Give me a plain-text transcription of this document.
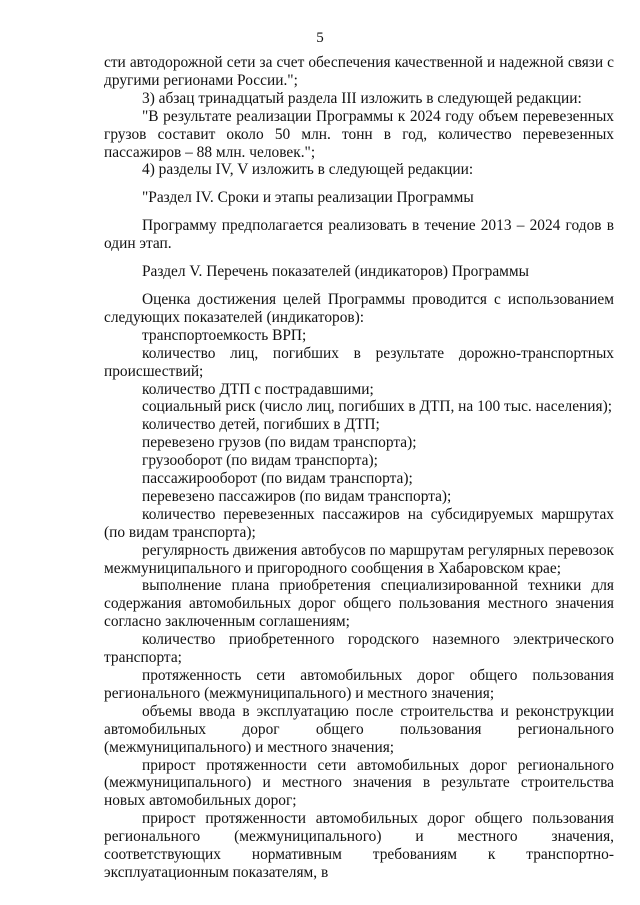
5

сти автодорожной сети за счет обеспечения качественной и надежной связи с другими регионами России.";

3) абзац тринадцатый раздела III изложить в следующей редакции:

"В результате реализации Программы к 2024 году объем перевезенных грузов составит около 50 млн. тонн в год, количество перевезенных пассажиров – 88 млн. человек.";

4) разделы IV, V изложить в следующей редакции:

"Раздел IV. Сроки и этапы реализации Программы

Программу предполагается реализовать в течение 2013 – 2024 годов в один этап.

Раздел V. Перечень показателей (индикаторов) Программы

Оценка достижения целей Программы проводится с использованием следующих показателей (индикаторов):

транспортоемкость ВРП;

количество лиц, погибших в результате дорожно-транспортных происшествий;

количество ДТП с пострадавшими;

социальный риск (число лиц, погибших в ДТП, на 100 тыс. населения);

количество детей, погибших в ДТП;

перевезено грузов (по видам транспорта);

грузооборот (по видам транспорта);

пассажирооборот (по видам транспорта);

перевезено пассажиров (по видам транспорта);

количество перевезенных пассажиров на субсидируемых маршрутах (по видам транспорта);

регулярность движения автобусов по маршрутам регулярных перевозок межмуниципального и пригородного сообщения в Хабаровском крае;

выполнение плана приобретения специализированной техники для содержания автомобильных дорог общего пользования местного значения согласно заключенным соглашениям;

количество приобретенного городского наземного электрического транспорта;

протяженность сети автомобильных дорог общего пользования регионального (межмуниципального) и местного значения;

объемы ввода в эксплуатацию после строительства и реконструкции автомобильных дорог общего пользования регионального (межмуниципального) и местного значения;

прирост протяженности сети автомобильных дорог регионального (межмуниципального) и местного значения в результате строительства новых автомобильных дорог;

прирост протяженности автомобильных дорог общего пользования регионального (межмуниципального) и местного значения, соответствующих нормативным требованиям к транспортно-эксплуатационным показателям, в
